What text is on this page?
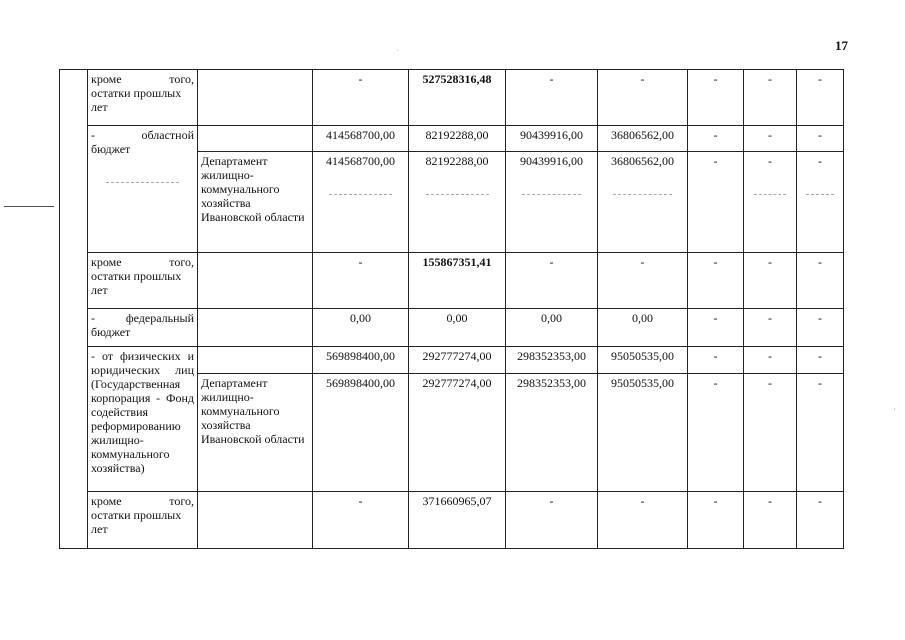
17
·
·

	кроме того,
остатки прошлых
лет		-	527528316,48	-	-	-	-	-

	- областной
бюджет		414568700,00	82192288,00	90439916,00	36806562,00	-	-	-
		Департамент жилищно-коммунального хозяйства Ивановской области	414568700,00	82192288,00	90439916,00	36806562,00	-	-	-

	кроме того,
остатки прошлых
лет		-	155867351,41	-	-	-	-	-

	- федеральный
бюджет		0,00	0,00	0,00	0,00	-	-	-

	- от физических и
юридических лиц (Государственная корпорация - Фонд содействия реформированию жилищно-коммунального хозяйства)		569898400,00	292777274,00	298352353,00	95050535,00	-	-	-
		Департамент жилищно-коммунального хозяйства Ивановской области	569898400,00	292777274,00	298352353,00	95050535,00	-	-	-

	кроме того,
остатки прошлых
лет		-	371660965,07	-	-	-	-	-
